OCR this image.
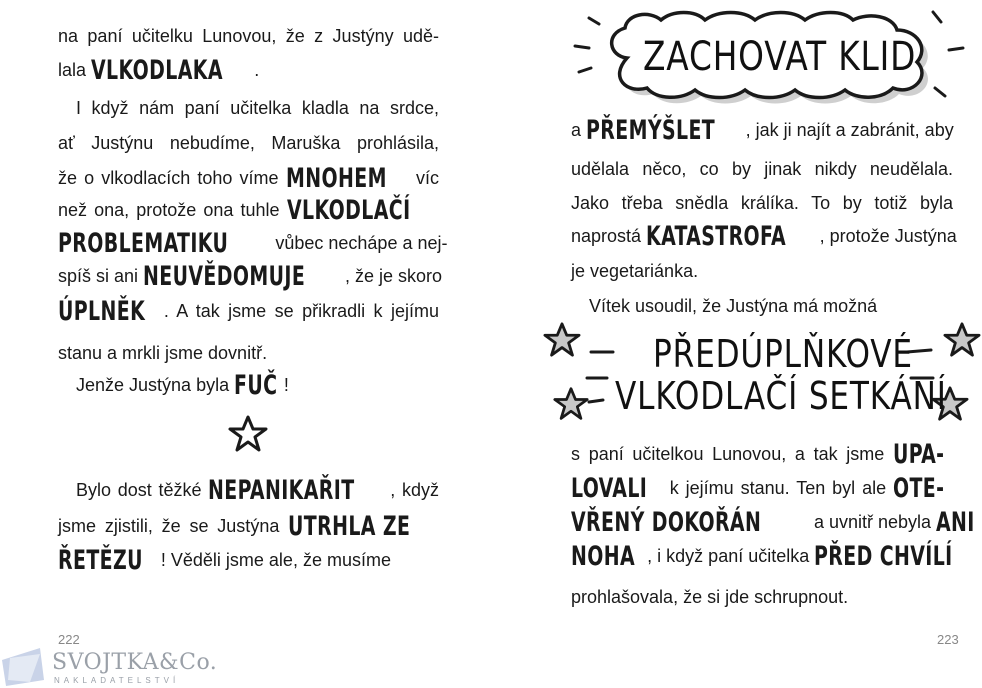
na paní učitelku Lunovou, že z Justýny udě-
lala VLKODLAKA .
I když nám paní učitelka kladla na srdce,
ať Justýnu nebudíme, Maruška prohlásila,
že o vlkodlacích toho víme MNOHEM víc
než ona, protože ona tuhle VLKODLAČÍ
PROBLEMATIKU vůbec nechápe a nej-
spíš si ani NEUVĚDOMUJE , že je skoro
ÚPLNĚK . A tak jsme se přikradli k jejímu
stanu a mrkli jsme dovnitř.
Jenže Justýna byla FUČ !
Bylo dost těžké NEPANIKAŘIT , když
jsme zjistili, že se Justýna UTRHLA ZE
ŘETĚZU ! Věděli jsme ale, že musíme
222
ZACHOVAT KLID
a PŘEMÝŠLET , jak ji najít a zabránit, aby
udělala něco, co by jinak nikdy neudělala.
Jako třeba snědla králíka. To by totiž byla
naprostá KATASTROFA , protože Justýna
je vegetariánka.
Vítek usoudil, že Justýna má možná
PŘEDÚPLŇKOVÉ
VLKODLAČÍ SETKÁNÍ
s paní učitelkou Lunovou, a tak jsme UPA-
LOVALI k jejímu stanu. Ten byl ale OTE-
VŘENÝ DOKOŘÁN	a uvnitř nebyla ANI
NOHA , i když paní učitelka PŘED CHVÍLÍ
prohlašovala, že si jde schrupnout.
223
SVOJTKA&Co.
NAKLADATELSTVÍ
